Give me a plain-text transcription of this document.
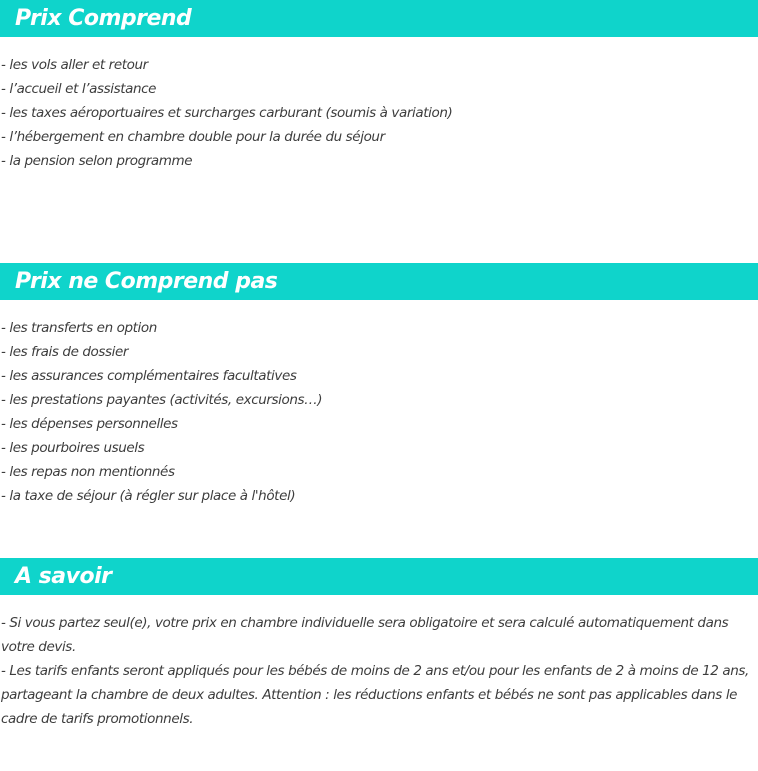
Prix Comprend
- les vols aller et retour
- l’accueil et l’assistance
- les taxes aéroportuaires et surcharges carburant (soumis à variation)
- l’hébergement en chambre double pour la durée du séjour
- la pension selon programme
Prix ne Comprend pas
- les transferts en option
- les frais de dossier
- les assurances complémentaires facultatives
- les prestations payantes (activités, excursions…)
- les dépenses personnelles
- les pourboires usuels
- les repas non mentionnés
- la taxe de séjour (à régler sur place à l'hôtel)
A savoir
- Si vous partez seul(e), votre prix en chambre individuelle sera obligatoire et sera calculé automatiquement dans votre devis.
- Les tarifs enfants seront appliqués pour les bébés de moins de 2 ans et/ou pour les enfants de 2 à moins de 12 ans, partageant la chambre de deux adultes. Attention : les réductions enfants et bébés ne sont pas applicables dans le cadre de tarifs promotionnels.
